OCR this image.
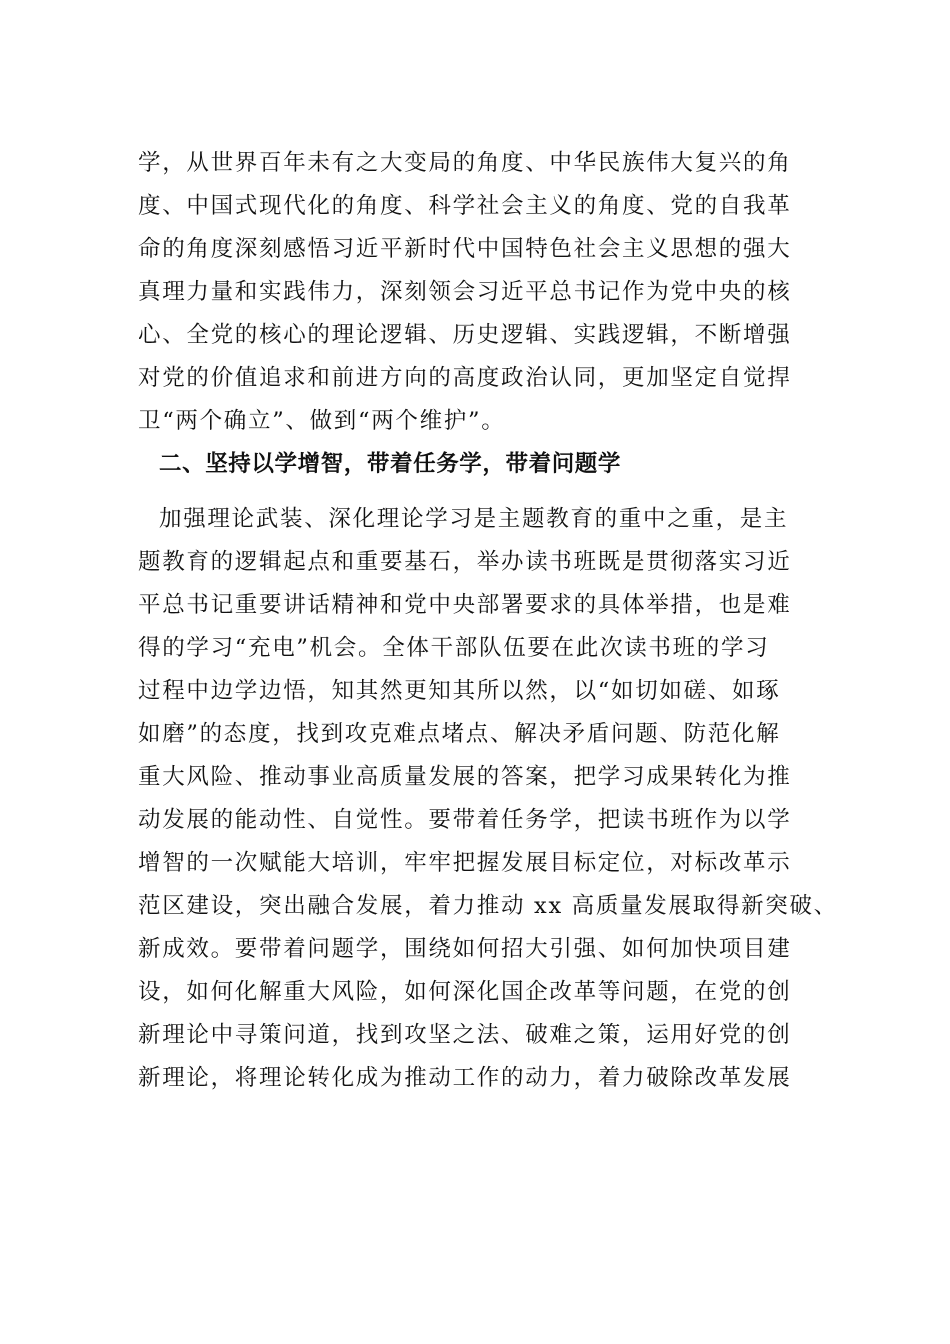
学，从世界百年未有之大变局的角度、中华民族伟大复兴的角
度、中国式现代化的角度、科学社会主义的角度、党的自我革
命的角度深刻感悟习近平新时代中国特色社会主义思想的强大
真理力量和实践伟力，深刻领会习近平总书记作为党中央的核
心、全党的核心的理论逻辑、历史逻辑、实践逻辑，不断增强
对党的价值追求和前进方向的高度政治认同，更加坚定自觉捍
卫“两个确立”、做到“两个维护”。
二、坚持以学增智，带着任务学，带着问题学
加强理论武装、深化理论学习是主题教育的重中之重，是主
题教育的逻辑起点和重要基石，举办读书班既是贯彻落实习近
平总书记重要讲话精神和党中央部署要求的具体举措，也是难
得的学习“充电”机会。全体干部队伍要在此次读书班的学习
过程中边学边悟，知其然更知其所以然，以“如切如磋、如琢
如磨”的态度，找到攻克难点堵点、解决矛盾问题、防范化解
重大风险、推动事业高质量发展的答案，把学习成果转化为推
动发展的能动性、自觉性。要带着任务学，把读书班作为以学
增智的一次赋能大培训，牢牢把握发展目标定位，对标改革示
范区建设，突出融合发展，着力推动 xx 高质量发展取得新突破、
新成效。要带着问题学，围绕如何招大引强、如何加快项目建
设，如何化解重大风险，如何深化国企改革等问题，在党的创
新理论中寻策问道，找到攻坚之法、破难之策，运用好党的创
新理论，将理论转化成为推动工作的动力，着力破除改革发展
